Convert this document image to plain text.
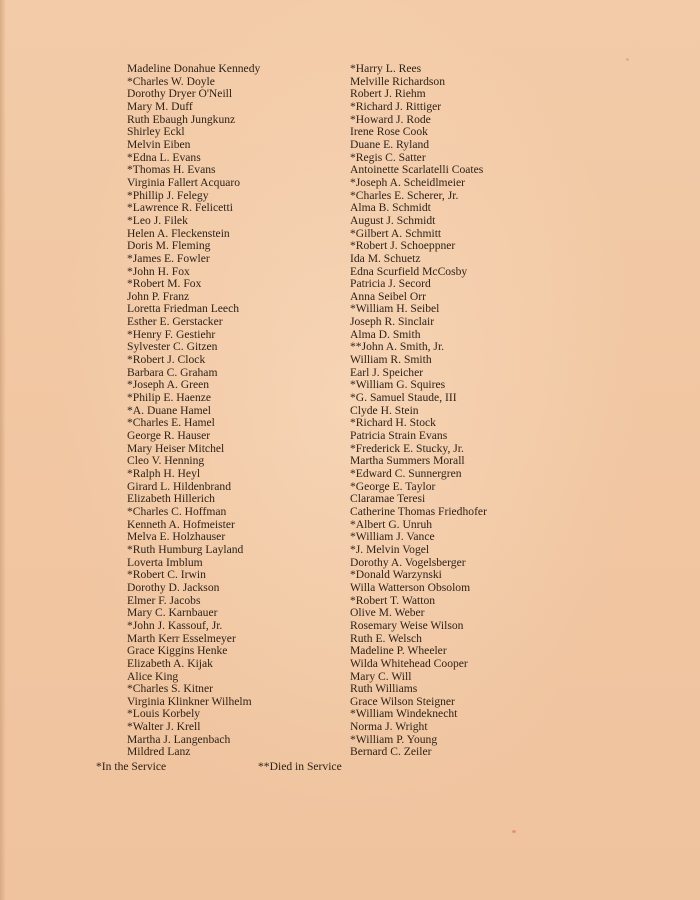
Madeline Donahue Kennedy
*Charles W. Doyle
Dorothy Dryer O'Neill
Mary M. Duff
Ruth Ebaugh Jungkunz
Shirley Eckl
Melvin Eiben
*Edna L. Evans
*Thomas H. Evans
Virginia Fallert Acquaro
*Phillip J. Felegy
*Lawrence R. Felicetti
*Leo J. Filek
Helen A. Fleckenstein
Doris M. Fleming
*James E. Fowler
*John H. Fox
*Robert M. Fox
John P. Franz
Loretta Friedman Leech
Esther E. Gerstacker
*Henry F. Gestiehr
Sylvester C. Gitzen
*Robert J. Clock
Barbara C. Graham
*Joseph A. Green
*Philip E. Haenze
*A. Duane Hamel
*Charles E. Hamel
George R. Hauser
Mary Heiser Mitchel
Cleo V. Henning
*Ralph H. Heyl
Girard L. Hildenbrand
Elizabeth Hillerich
*Charles C. Hoffman
Kenneth A. Hofmeister
Melva E. Holzhauser
*Ruth Humburg Layland
Loverta Imblum
*Robert C. Irwin
Dorothy D. Jackson
Elmer F. Jacobs
Mary C. Karnbauer
*John J. Kassouf, Jr.
Marth Kerr Esselmeyer
Grace Kiggins Henke
Elizabeth A. Kijak
Alice King
*Charles S. Kitner
Virginia Klinkner Wilhelm
*Louis Korbely
*Walter J. Krell
Martha J. Langenbach
Mildred Lanz
*Harry L. Rees
Melville Richardson
Robert J. Riehm
*Richard J. Rittiger
*Howard J. Rode
Irene Rose Cook
Duane E. Ryland
*Regis C. Satter
Antoinette Scarlatelli Coates
*Joseph A. Scheidlmeier
*Charles E. Scherer, Jr.
Alma B. Schmidt
August J. Schmidt
*Gilbert A. Schmitt
*Robert J. Schoeppner
Ida M. Schuetz
Edna Scurfield McCosby
Patricia J. Secord
Anna Seibel Orr
*William H. Seibel
Joseph R. Sinclair
Alma D. Smith
**John A. Smith, Jr.
William R. Smith
Earl J. Speicher
*William G. Squires
*G. Samuel Staude, III
Clyde H. Stein
*Richard H. Stock
Patricia Strain Evans
*Frederick E. Stucky, Jr.
Martha Summers Morall
*Edward C. Sunnergren
*George E. Taylor
Claramae Teresi
Catherine Thomas Friedhofer
*Albert G. Unruh
*William J. Vance
*J. Melvin Vogel
Dorothy A. Vogelsberger
*Donald Warzynski
Willa Watterson Obsolom
*Robert T. Watton
Olive M. Weber
Rosemary Weise Wilson
Ruth E. Welsch
Madeline P. Wheeler
Wilda Whitehead Cooper
Mary C. Will
Ruth Williams
Grace Wilson Steigner
*William Windeknecht
Norma J. Wright
*William P. Young
Bernard C. Zeiler
*In the Service	**Died in Service
